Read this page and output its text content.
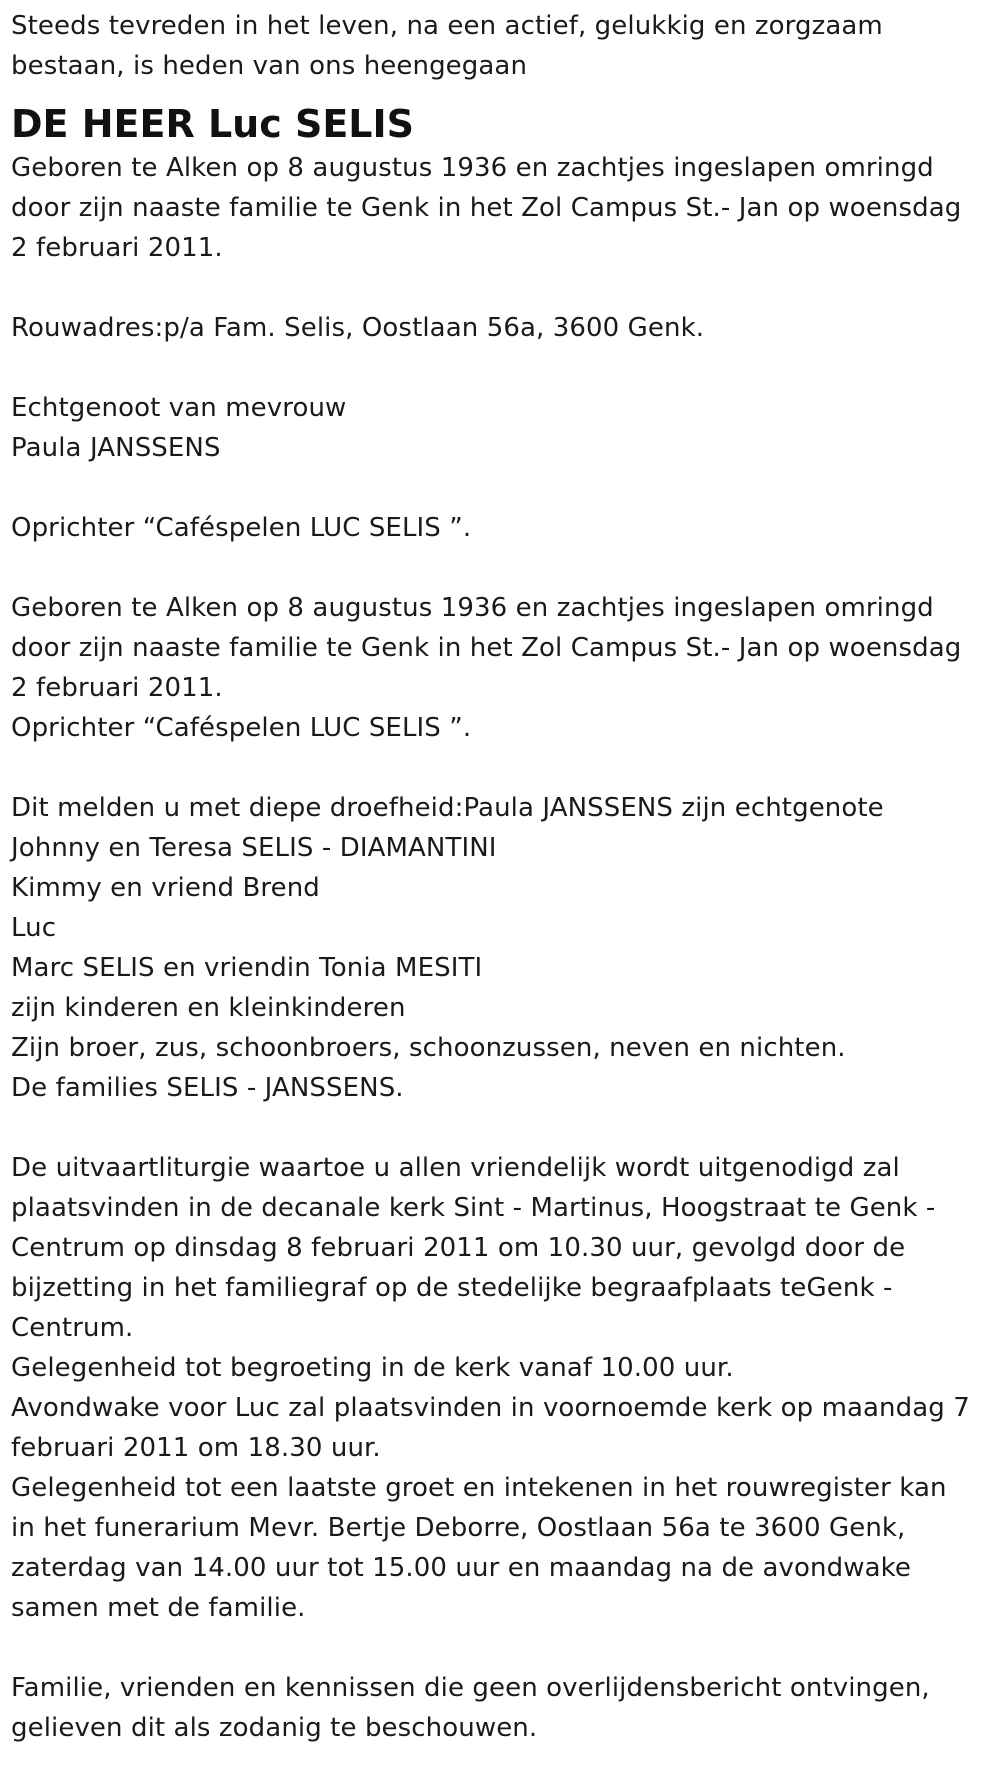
Steeds tevreden in het leven, na een actief, gelukkig en zorgzaam
bestaan, is heden van ons heengegaan
DE HEER Luc SELIS
Geboren te Alken op 8 augustus 1936 en zachtjes ingeslapen omringd
door zijn naaste familie te Genk in het Zol Campus St.- Jan op woensdag
2 februari 2011.
Rouwadres:p/a Fam. Selis, Oostlaan 56a, 3600 Genk.
Echtgenoot van mevrouw
Paula JANSSENS
Oprichter “Caféspelen LUC SELIS ”.
Geboren te Alken op 8 augustus 1936 en zachtjes ingeslapen omringd
door zijn naaste familie te Genk in het Zol Campus St.- Jan op woensdag
2 februari 2011.
Oprichter “Caféspelen LUC SELIS ”.
Dit melden u met diepe droefheid:Paula JANSSENS zijn echtgenote
Johnny en Teresa SELIS - DIAMANTINI
Kimmy en vriend Brend
Luc
Marc SELIS en vriendin Tonia MESITI
zijn kinderen en kleinkinderen
Zijn broer, zus, schoonbroers, schoonzussen, neven en nichten.
De families SELIS - JANSSENS.
De uitvaartliturgie waartoe u allen vriendelijk wordt uitgenodigd zal
plaatsvinden in de decanale kerk Sint - Martinus, Hoogstraat te Genk -
Centrum op dinsdag 8 februari 2011 om 10.30 uur, gevolgd door de
bijzetting in het familiegraf op de stedelijke begraafplaats teGenk -
Centrum.
Gelegenheid tot begroeting in de kerk vanaf 10.00 uur.
Avondwake voor Luc zal plaatsvinden in voornoemde kerk op maandag 7
februari 2011 om 18.30 uur.
Gelegenheid tot een laatste groet en intekenen in het rouwregister kan
in het funerarium Mevr. Bertje Deborre, Oostlaan 56a te 3600 Genk,
zaterdag van 14.00 uur tot 15.00 uur en maandag na de avondwake
samen met de familie.
Familie, vrienden en kennissen die geen overlijdensbericht ontvingen,
gelieven dit als zodanig te beschouwen.
